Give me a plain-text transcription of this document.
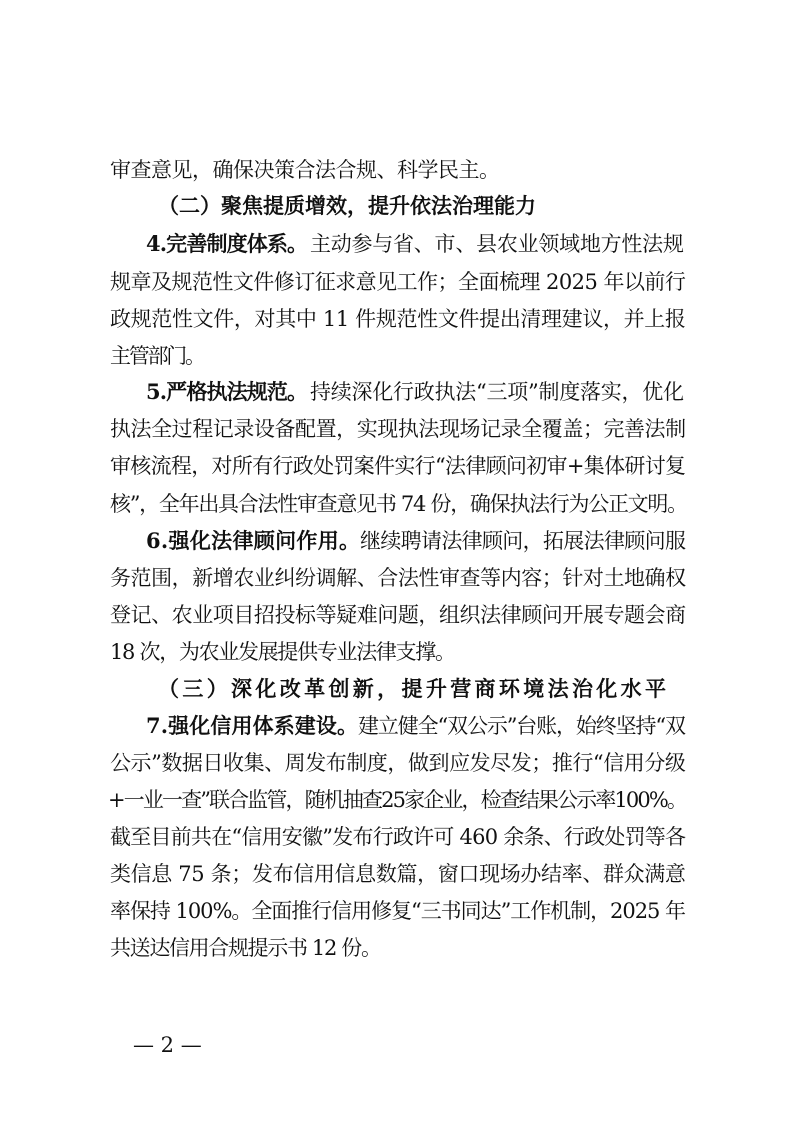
审查意见，确保决策合法合规、科学民主。
（二）聚焦提质增效，提升依法治理能力
4.完善制度体系。 主动参与省、市、县农业领域地方性法规
规章及规范性文件修订征求意见工作；全面梳理 2025 年以前行
政规范性文件，对其中 11 件规范性文件提出清理建议，并上报
主管部门。
5.严格执法规范。 持续深化行政执法“三项”制度落实，优化
执法全过程记录设备配置，实现执法现场记录全覆盖；完善法制
审核流程，对所有行政处罚案件实行“法律顾问初审+集体研讨复
核”，全年出具合法性审查意见书 74 份，确保执法行为公正文明。
6.强化法律顾问作用。 继续聘请法律顾问，拓展法律顾问服
务范围，新增农业纠纷调解、合法性审查等内容；针对土地确权
登记、农业项目招投标等疑难问题，组织法律顾问开展专题会商
18 次，为农业发展提供专业法律支撑。
（三）深化改革创新，提升营商环境法治化水平
7.强化信用体系建设。 建立健全“双公示”台账，始终坚持“双
公示”数据日收集、周发布制度，做到应发尽发；推行“信用分级
+一业一查”联合监管，随机抽查25家企业，检查结果公示率100%。
截至目前共在“信用安徽”发布行政许可 460 余条、行政处罚等各
类信息 75 条；发布信用信息数篇，窗口现场办结率、群众满意
率保持 100%。全面推行信用修复“三书同达”工作机制，2025 年
共送达信用合规提示书 12 份。
— 2 —
